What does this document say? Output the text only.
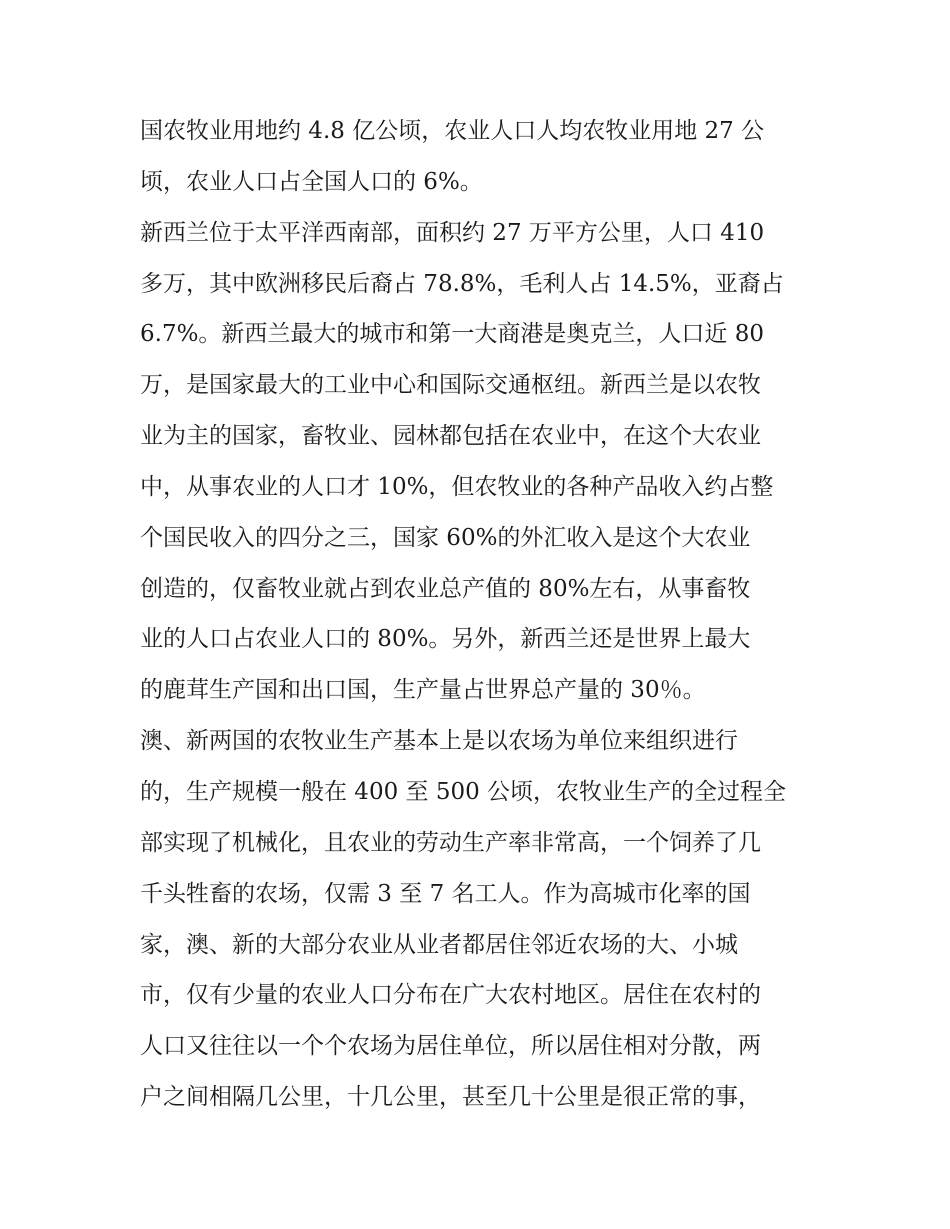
国农牧业用地约 4.8 亿公顷，农业人口人均农牧业用地 27 公
顷，农业人口占全国人口的 6%。
新西兰位于太平洋西南部，面积约 27 万平方公里，人口 410
多万，其中欧洲移民后裔占 78.8%，毛利人占 14.5%，亚裔占
6.7%。新西兰最大的城市和第一大商港是奥克兰，人口近 80
万，是国家最大的工业中心和国际交通枢纽。新西兰是以农牧
业为主的国家，畜牧业、园林都包括在农业中，在这个大农业
中，从事农业的人口才 10%，但农牧业的各种产品收入约占整
个国民收入的四分之三，国家 60%的外汇收入是这个大农业
创造的，仅畜牧业就占到农业总产值的 80%左右，从事畜牧
业的人口占农业人口的 80%。另外，新西兰还是世界上最大
的鹿茸生产国和出口国，生产量占世界总产量的 30％。
澳、新两国的农牧业生产基本上是以农场为单位来组织进行
的，生产规模一般在 400 至 500 公顷，农牧业生产的全过程全
部实现了机械化，且农业的劳动生产率非常高，一个饲养了几
千头牲畜的农场，仅需 3 至 7 名工人。作为高城市化率的国
家，澳、新的大部分农业从业者都居住邻近农场的大、小城
市，仅有少量的农业人口分布在广大农村地区。居住在农村的
人口又往往以一个个农场为居住单位，所以居住相对分散，两
户之间相隔几公里，十几公里，甚至几十公里是很正常的事，
